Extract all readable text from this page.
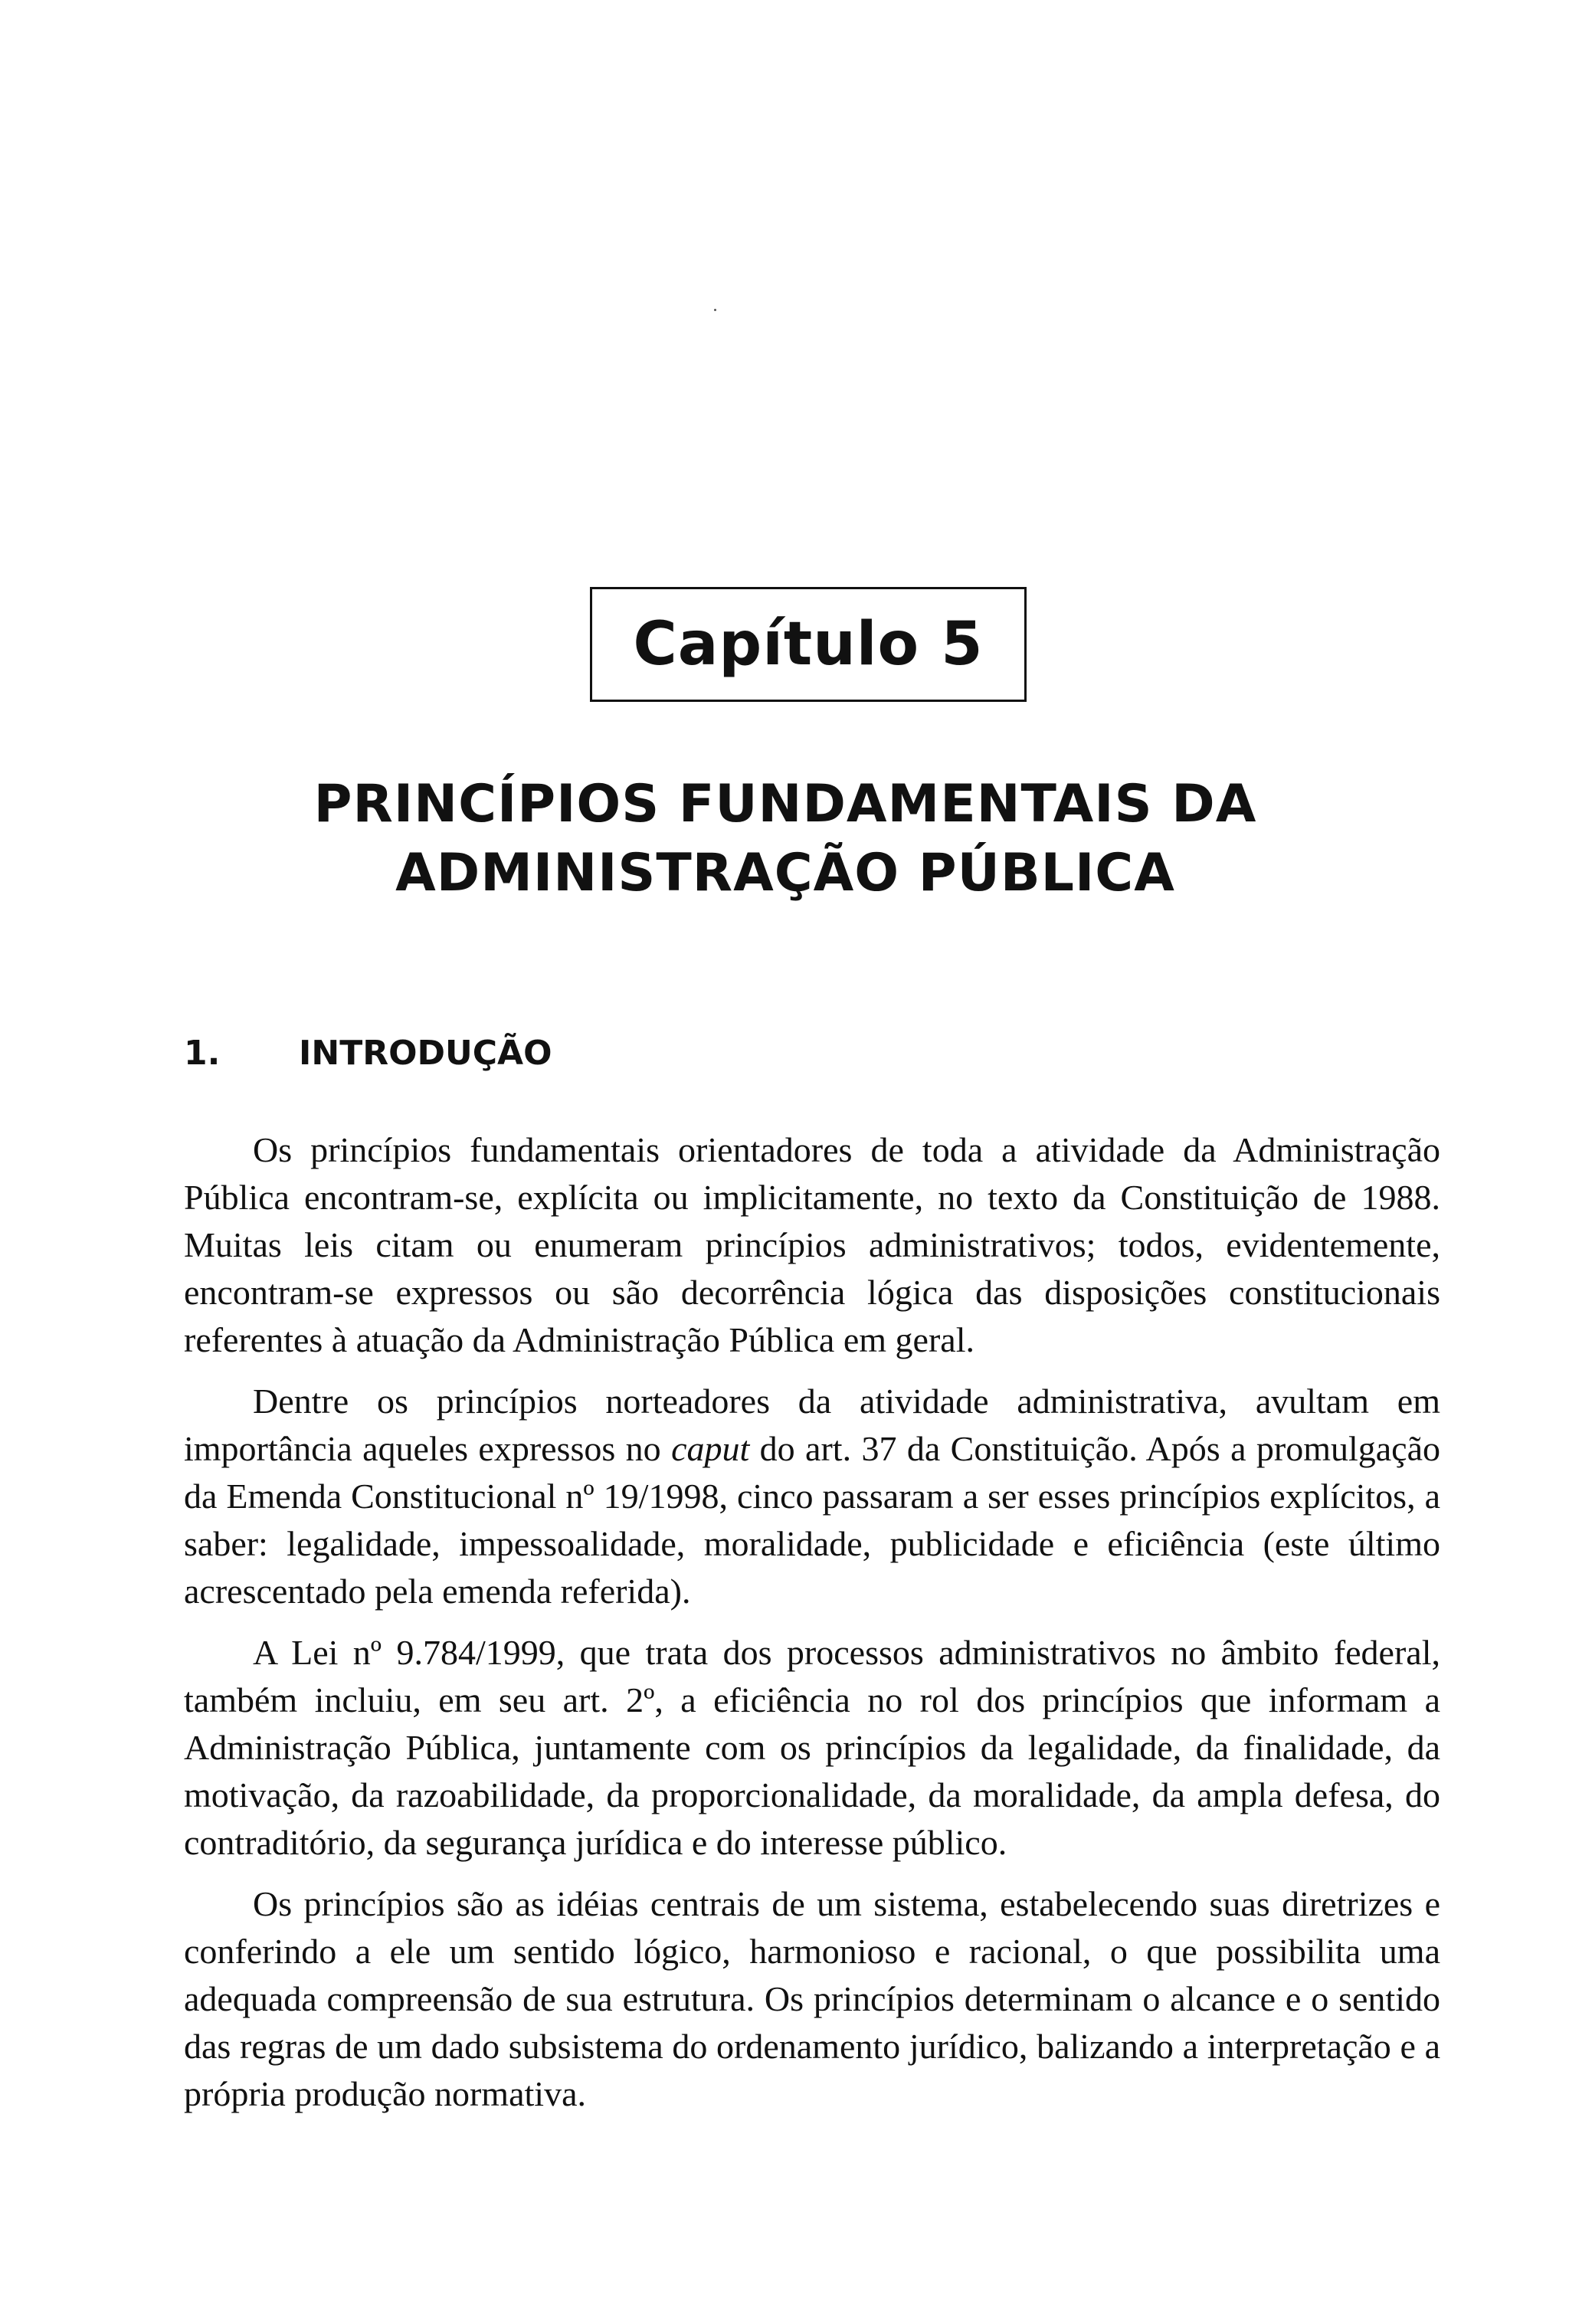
Capítulo 5
PRINCÍPIOS FUNDAMENTAIS DA
ADMINISTRAÇÃO PÚBLICA
1. INTRODUÇÃO

Os princípios fundamentais orientadores de toda a atividade da Administração Pública encontram-se, explícita ou implicitamente, no texto da Constituição de 1988. Muitas leis citam ou enumeram princípios administrativos; todos, evidentemente, encontram-se expressos ou são decorrência lógica das disposições constitucionais referentes à atuação da Administração Pública em geral.

Dentre os princípios norteadores da atividade administrativa, avultam em importância aqueles expressos no caput do art. 37 da Constituição. Após a promulgação da Emenda Constitucional nº 19/1998, cinco passaram a ser esses princípios explícitos, a saber: legalidade, impessoalidade, moralidade, publicidade e eficiência (este último acrescentado pela emenda referida).

A Lei nº 9.784/1999, que trata dos processos administrativos no âmbito federal, também incluiu, em seu art. 2º, a eficiência no rol dos princípios que informam a Administração Pública, juntamente com os princípios da legalidade, da finalidade, da motivação, da razoabilidade, da proporcionalidade, da moralidade, da ampla defesa, do contraditório, da segurança jurídica e do interesse público.

Os princípios são as idéias centrais de um sistema, estabelecendo suas diretrizes e conferindo a ele um sentido lógico, harmonioso e racional, o que possibilita uma adequada compreensão de sua estrutura. Os princípios determinam o alcance e o sentido das regras de um dado subsistema do ordenamento jurídico, balizando a interpretação e a própria produção normativa.
